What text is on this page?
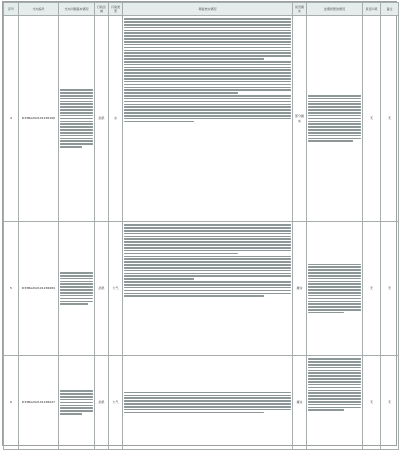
序号	交办编号	交办问题基本情况	行政区域	污染类型	调查核实情况	是否属实	处理和整改情况	是否问责	备注
4	D33BA202101236106		泗县	水		部分属实		无	无
5	D33BA202101236084		泗县	大气		属实		无	无
6	D33BA202101236027		泗县	大气		属实		无	无
